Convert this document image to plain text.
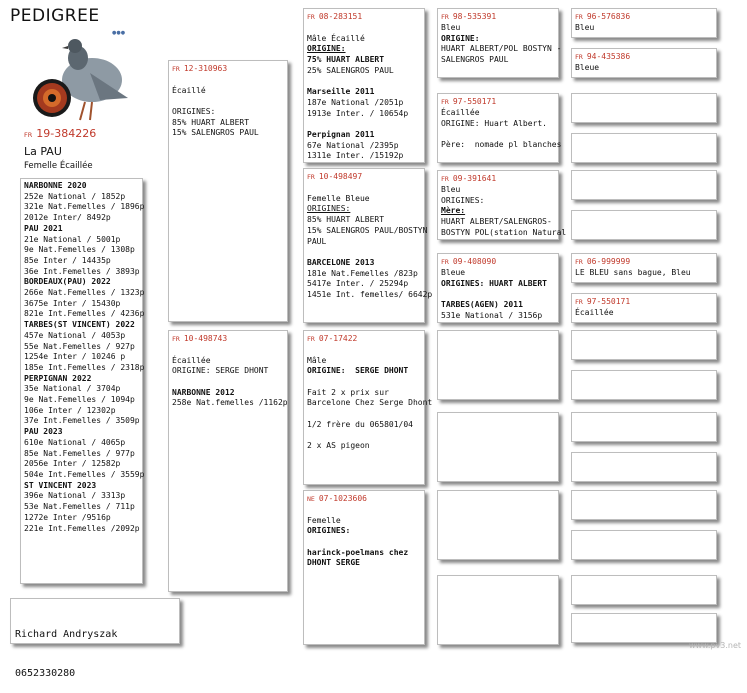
PEDIGREE
●●●
FR 19-384226
La PAU
Femelle Écaillée
NARBONNE 2020
252e National / 1852p
321e Nat.Femelles / 1896p
2012e Inter/ 8492p
PAU 2021
21e National / 5001p
9e Nat.Femelles / 1308p
85e Inter / 14435p
36e Int.Femelles / 3893p
BORDEAUX(PAU) 2022
266e Nat.Femelles / 1323p
3675e Inter / 15430p
821e Int.Femelles / 4236p
TARBES(ST VINCENT) 2022
457e National / 4053p
55e Nat.Femelles / 927p
1254e Inter / 10246 p
185e Int.Femelles / 2318p
PERPIGNAN 2022
35e National / 3704p
9e Nat.Femelles / 1094p
106e Inter / 12302p
37e Int.Femelles / 3509p
PAU 2023
610e National / 4065p
85e Nat.Femelles / 977p
2056e Inter / 12582p
504e Int.Femelles / 3559p
ST VINCENT 2023
396e National / 3313p
53e Nat.Femelles / 711p
1272e Inter /9516p
221e Int.Femelles /2092p

Richard Andryszak

0652330280

FR 12-310963
Écaillé
ORIGINES:
85% HUART ALBERT
15% SALENGROS PAUL
FR 10-498743
Écaillée
ORIGINE: SERGE DHONT
NARBONNE 2012
258e Nat.femelles /1162p
FR 08-283151
Mâle Écaillé
ORIGINE:
75% HUART ALBERT
25% SALENGROS PAUL
Marseille 2011
187e National /2051p
1913e Inter. / 10654p
Perpignan 2011
67e National /2395p
1311e Inter. /15192p
FR 10-498497
Femelle Bleue
ORIGINES:
85% HUART ALBERT
15% SALENGROS PAUL/BOSTYN
PAUL
BARCELONE 2013
181e Nat.Femelles /823p
5417e Inter. / 25294p
1451e Int. femelles/ 6642p
FR 07-17422
Mâle
ORIGINE:  SERGE DHONT
Fait 2 x prix sur
Barcelone Chez Serge Dhont
1/2 frère du 065801/04
2 x AS pigeon
NE 07-1023606
Femelle
ORIGINES:
harinck-poelmans chez
DHONT SERGE
FR 98-535391
Bleu
ORIGINE:
HUART ALBERT/POL BOSTYN -
SALENGROS PAUL
FR 97-550171
Écaillée
ORIGINE: Huart Albert.
Père:  nomade pl blanches
FR 09-391641
Bleu
ORIGINES:
Mère:
HUART ALBERT/SALENGROS-
BOSTYN POL(station Natural
FR 09-408090
Bleue
ORIGINES: HUART ALBERT
TARBES(AGEN) 2011
531e National / 3156p
FR 96-576836
Bleu
FR 94-435386
Bleue
FR 06-999999
LE BLEU sans bague, Bleu
FR 97-550171
Écaillée
www.pv3.net
